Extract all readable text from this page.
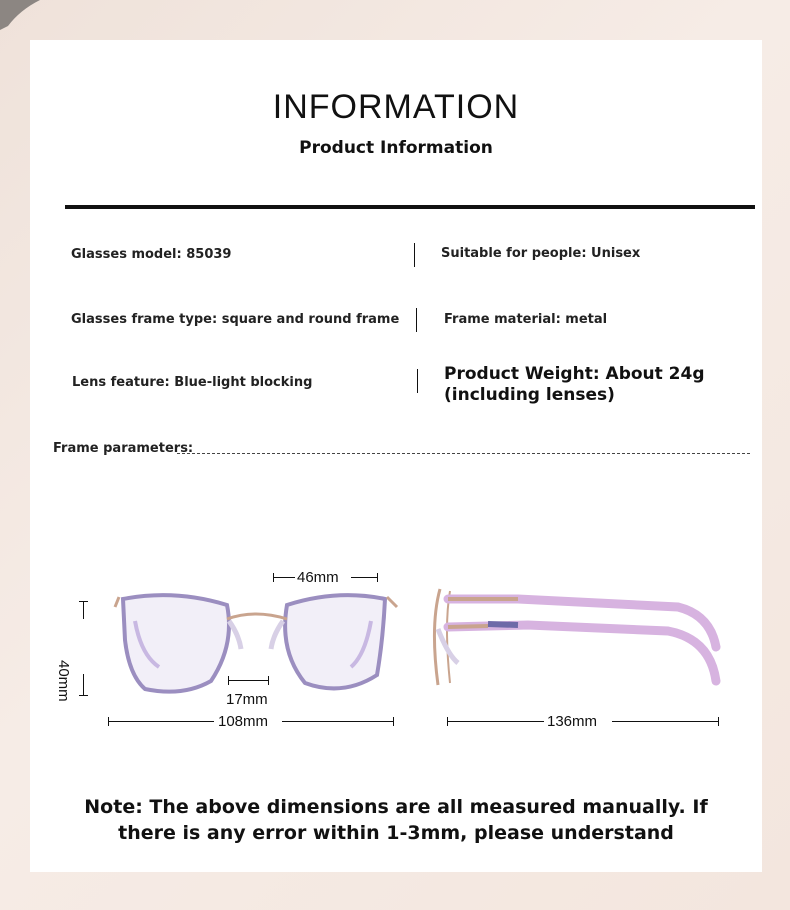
INFORMATION
Product Information
Glasses model: 85039	Suitable for people: Unisex
Glasses frame type: square and round frame	Frame material: metal
Lens feature: Blue-light blocking	Product Weight: About 24g
(including lenses)
Frame parameters:
46mm
40mm	17mm
108mm	136mm
Note: The above dimensions are all measured manually. If
there is any error within 1-3mm, please understand
